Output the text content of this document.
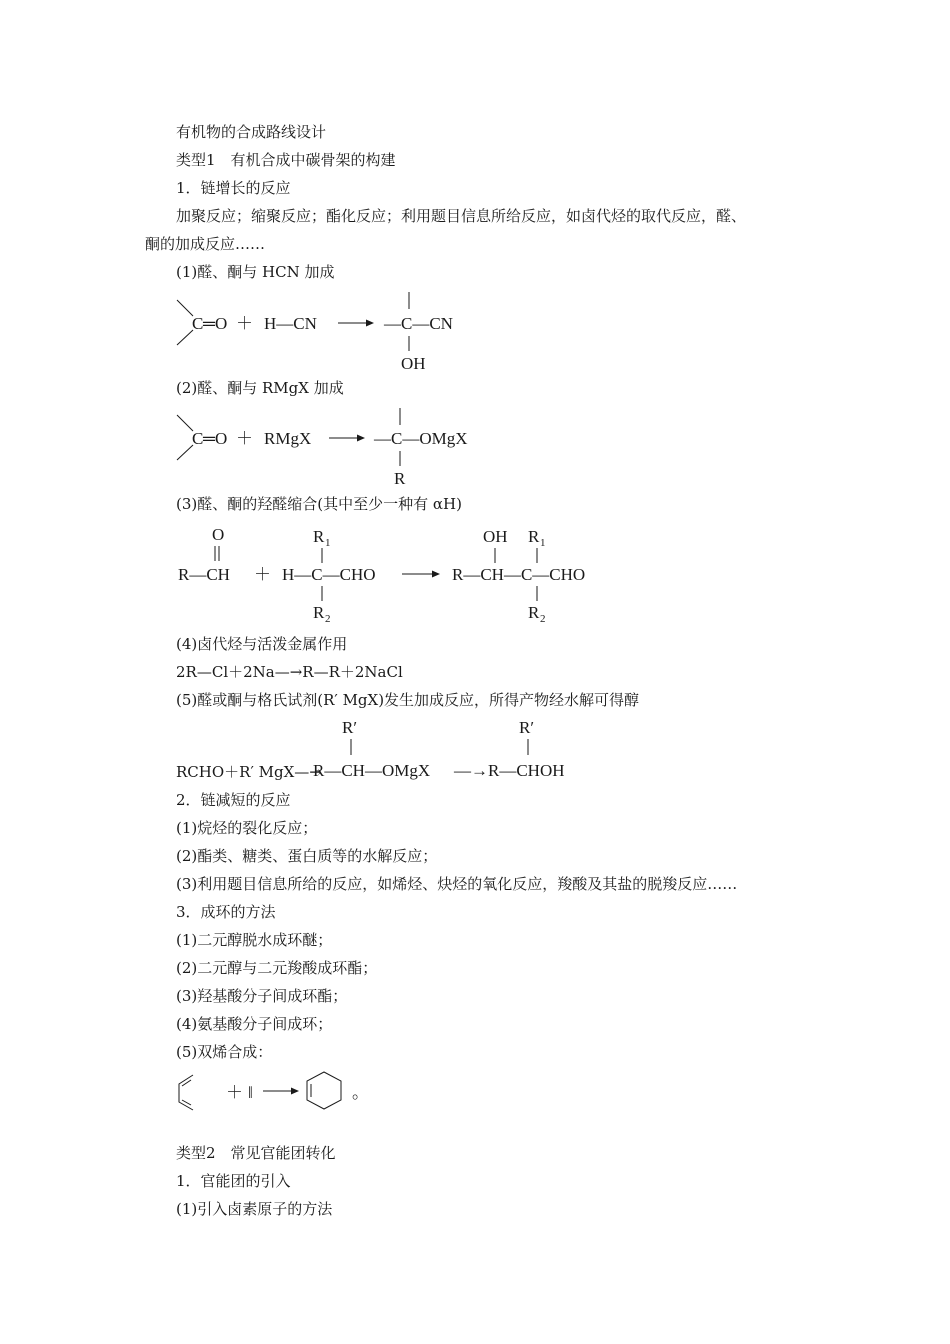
有机物的合成路线设计
类型1　有机合成中碳骨架的构建
1．链增长的反应
加聚反应；缩聚反应；酯化反应；利用题目信息所给反应，如卤代烃的取代反应，醛、
酮的加成反应……
(1)醛、酮与 HCN 加成
C ═O ＋ H—CN	—C—CN
OH
(2)醛、酮与 RMgX 加成
C ═O ＋ RMgX	—C—OMgX
R
(3)醛、酮的羟醛缩合(其中至少一种有 αH)
O
R—CH ＋ H—C—CHO
R 1
R 2
OH
R—CH—C—CHO
R 1
R 2
(4)卤代烃与活泼金属作用
2R—Cl＋2Na—→R—R＋2NaCl
(5)醛或酮与格氏试剂(R′ MgX)发生加成反应，所得产物经水解可得醇
RCHO＋R′ MgX—→
R′
R—CH—OMgX —→
R′
R—CHOH
2．链减短的反应
(1)烷烃的裂化反应；
(2)酯类、糖类、蛋白质等的水解反应；
(3)利用题目信息所给的反应，如烯烃、炔烃的氧化反应，羧酸及其盐的脱羧反应……
3．成环的方法
(1)二元醇脱水成环醚；
(2)二元醇与二元羧酸成环酯；
(3)羟基酸分子间成环酯；
(4)氨基酸分子间成环；
(5)双烯合成：
＋ ‖	。
类型2　常见官能团转化
1．官能团的引入
(1)引入卤素原子的方法
